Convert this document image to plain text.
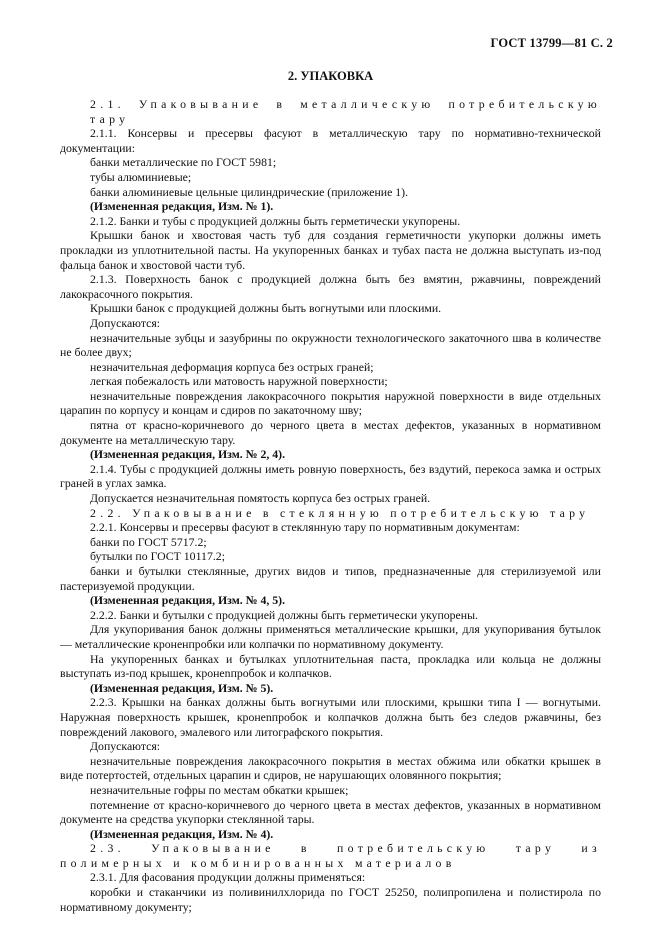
ГОСТ 13799—81 С. 2
2. УПАКОВКА

2.1. Упаковывание в металлическую потребительскую тару

2.1.1. Консервы и пресервы фасуют в металлическую тару по нормативно-технической документации:

банки металлические по ГОСТ 5981;

тубы алюминиевые;

банки алюминиевые цельные цилиндрические (приложение 1).

(Измененная редакция, Изм. № 1).

2.1.2. Банки и тубы с продукцией должны быть герметически укупорены.

Крышки банок и хвостовая часть туб для создания герметичности укупорки должны иметь прокладки из уплотнительной пасты. На укупоренных банках и тубах паста не должна выступать из-под фальца банок и хвостовой части туб.

2.1.3. Поверхность банок с продукцией должна быть без вмятин, ржавчины, повреждений лакокрасочного покрытия.

Крышки банок с продукцией должны быть вогнутыми или плоскими.

Допускаются:

незначительные зубцы и зазубрины по окружности технологического закаточного шва в количестве не более двух;

незначительная деформация корпуса без острых граней;

легкая побежалость или матовость наружной поверхности;

незначительные повреждения лакокрасочного покрытия наружной поверхности в виде отдельных царапин по корпусу и концам и сдиров по закаточному шву;

пятна от красно-коричневого до черного цвета в местах дефектов, указанных в нормативном документе на металлическую тару.

(Измененная редакция, Изм. № 2, 4).

2.1.4. Тубы с продукцией должны иметь ровную поверхность, без вздутий, перекоса замка и острых граней в углах замка.

Допускается незначительная помятость корпуса без острых граней.

2.2. Упаковывание в стеклянную потребительскую тару

2.2.1. Консервы и пресервы фасуют в стеклянную тару по нормативным документам:

банки по ГОСТ 5717.2;

бутылки по ГОСТ 10117.2;

банки и бутылки стеклянные, других видов и типов, предназначенные для стерилизуемой или пастеризуемой продукции.

(Измененная редакция, Изм. № 4, 5).

2.2.2. Банки и бутылки с продукцией должны быть герметически укупорены.

Для укупоривания банок должны применяться металлические крышки, для укупоривания бутылок — металлические кроненпробки или колпачки по нормативному документу.

На укупоренных банках и бутылках уплотнительная паста, прокладка или кольца не должны выступать из-под крышек, кронenпробок и колпачков.

(Измененная редакция, Изм. № 5).

2.2.3. Крышки на банках должны быть вогнутыми или плоскими, крышки типа I — вогнутыми. Наружная поверхность крышек, кронenпробок и колпачков должна быть без следов ржавчины, без повреждений лакового, эмалевого или литографского покрытия.

Допускаются:

незначительные повреждения лакокрасочного покрытия в местах обжима или обкатки крышек в виде потертостей, отдельных царапин и сдиров, не нарушающих оловянного покрытия;

незначительные гофры по местам обкатки крышек;

потемнение от красно-коричневого до черного цвета в местах дефектов, указанных в нормативном документе на средства укупорки стеклянной тары.

(Измененная редакция, Изм. № 4).

2.3. Упаковывание в потребительскую тару из полимерных и комбинированных материалов

2.3.1. Для фасования продукции должны применяться:

коробки и стаканчики из поливинилхлорида по ГОСТ 25250, полипропилена и полистирола по нормативному документу;
